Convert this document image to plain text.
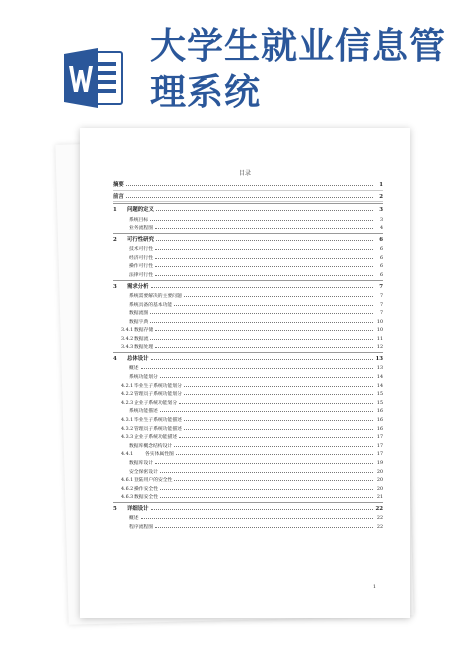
大学生就业信息管
理系统
目录
摘要	1
前言	2
1	问题的定义	3
系统目标	3
业务流程图	4
2	可行性研究	6
技术可行性	6
经济可行性	6
操作可行性	6
法律可行性	6
3	需求分析	7
系统需要解决的主要问题	7
系统具备的基本功能	7
数据流图	7
数据字典	10
3.4.1 数据存储	10
3.4.2 数据流	11
3.4.3 数据处理	12
4	总体设计	13
概述	13
系统功能划分	14
4.2.1 毕业生子系统功能划分	14
4.2.2 管理员子系统功能划分	15
4.2.3 企业子系统功能划分	15
系统功能描述	16
4.3.1 毕业生子系统功能描述	16
4.3.2 管理员子系统功能描述	16
4.3.3 企业子系统功能描述	17
数据库概念结构设计	17
4.4.1	各实体属性图	17
数据库设计	19
安全保密设计	20
4.6.1 登陆用户的安全性	20
4.6.2 操作安全性	20
4.6.3 数据安全性	21
5	详细设计	22
概述	22
程序流程图	22
1
